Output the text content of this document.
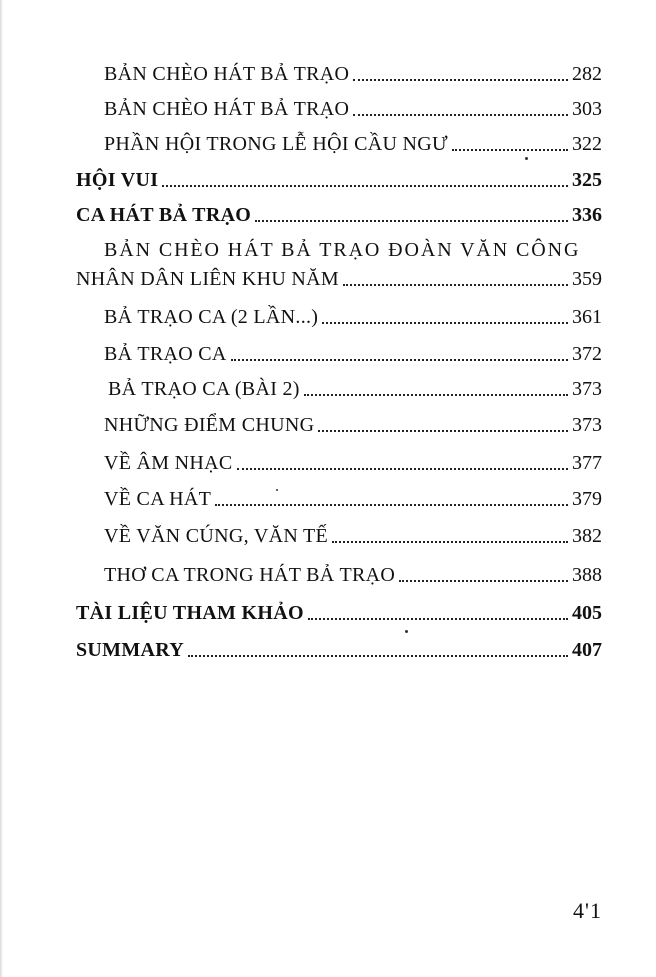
BẢN CHÈO HÁT BẢ TRẠO	282
BẢN CHÈO HÁT BẢ TRẠO	303
PHẦN HỘI TRONG LỄ HỘI CẦU NGƯ	322
HỘI VUI	325
CA HÁT BẢ TRẠO	336
BẢN CHÈO HÁT BẢ TRẠO ĐOÀN VĂN CÔNG
NHÂN DÂN LIÊN KHU NĂM	359
BẢ TRẠO CA (2 LẦN...)	361
BẢ TRẠO CA	372
BẢ TRẠO CA (BÀI 2)	373
NHỮNG ĐIỂM CHUNG	373
VỀ ÂM NHẠC	377
VỀ CA HÁT	379
VỀ VĂN CÚNG, VĂN TẾ	382
THƠ CA TRONG HÁT BẢ TRẠO	388
TÀI LIỆU THAM KHẢO	405
SUMMARY	407
4'1
